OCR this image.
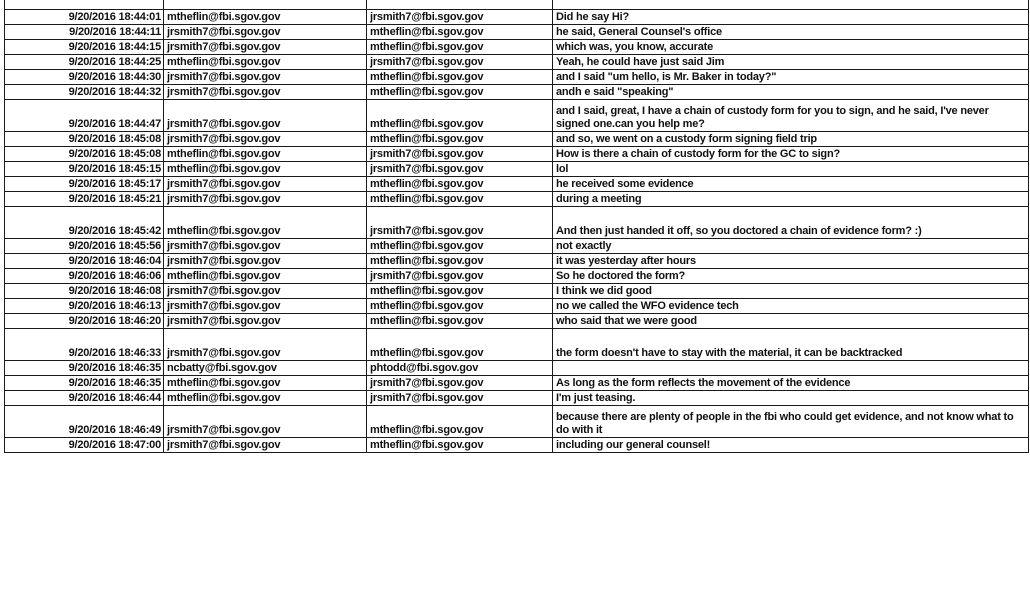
9/20/2016 18:44:01	mtheflin@fbi.sgov.gov	jrsmith7@fbi.sgov.gov	Did he say Hi?
9/20/2016 18:44:11	jrsmith7@fbi.sgov.gov	mtheflin@fbi.sgov.gov	he said, General Counsel's office
9/20/2016 18:44:15	jrsmith7@fbi.sgov.gov	mtheflin@fbi.sgov.gov	which was, you know, accurate
9/20/2016 18:44:25	mtheflin@fbi.sgov.gov	jrsmith7@fbi.sgov.gov	Yeah, he could have just said Jim
9/20/2016 18:44:30	jrsmith7@fbi.sgov.gov	mtheflin@fbi.sgov.gov	and I said "um hello, is Mr. Baker in today?"
9/20/2016 18:44:32	jrsmith7@fbi.sgov.gov	mtheflin@fbi.sgov.gov	andh e said "speaking"
9/20/2016 18:44:47	jrsmith7@fbi.sgov.gov	mtheflin@fbi.sgov.gov	and I said, great, I have a chain of custody form for you to sign, and he said, I've never signed one.can you help me?
9/20/2016 18:45:08	jrsmith7@fbi.sgov.gov	mtheflin@fbi.sgov.gov	and so, we went on a custody form signing field trip
9/20/2016 18:45:08	mtheflin@fbi.sgov.gov	jrsmith7@fbi.sgov.gov	How is there a chain of custody form for the GC to sign?
9/20/2016 18:45:15	mtheflin@fbi.sgov.gov	jrsmith7@fbi.sgov.gov	lol
9/20/2016 18:45:17	jrsmith7@fbi.sgov.gov	mtheflin@fbi.sgov.gov	he received some evidence
9/20/2016 18:45:21	jrsmith7@fbi.sgov.gov	mtheflin@fbi.sgov.gov	during a meeting
9/20/2016 18:45:42	mtheflin@fbi.sgov.gov	jrsmith7@fbi.sgov.gov	And then just handed it off, so you doctored a chain of evidence form? :)
9/20/2016 18:45:56	jrsmith7@fbi.sgov.gov	mtheflin@fbi.sgov.gov	not exactly
9/20/2016 18:46:04	jrsmith7@fbi.sgov.gov	mtheflin@fbi.sgov.gov	it was yesterday after hours
9/20/2016 18:46:06	mtheflin@fbi.sgov.gov	jrsmith7@fbi.sgov.gov	So he doctored the form?
9/20/2016 18:46:08	jrsmith7@fbi.sgov.gov	mtheflin@fbi.sgov.gov	I think we did good
9/20/2016 18:46:13	jrsmith7@fbi.sgov.gov	mtheflin@fbi.sgov.gov	no we called the WFO evidence tech
9/20/2016 18:46:20	jrsmith7@fbi.sgov.gov	mtheflin@fbi.sgov.gov	who said that we were good
9/20/2016 18:46:33	jrsmith7@fbi.sgov.gov	mtheflin@fbi.sgov.gov	the form doesn't have to stay with the material, it can be backtracked
9/20/2016 18:46:35	ncbatty@fbi.sgov.gov	phtodd@fbi.sgov.gov	
9/20/2016 18:46:35	mtheflin@fbi.sgov.gov	jrsmith7@fbi.sgov.gov	As long as the form reflects the movement of the evidence
9/20/2016 18:46:44	mtheflin@fbi.sgov.gov	jrsmith7@fbi.sgov.gov	I'm just teasing.
9/20/2016 18:46:49	jrsmith7@fbi.sgov.gov	mtheflin@fbi.sgov.gov	because there are plenty of people in the fbi who could get evidence, and not know what to do with it
9/20/2016 18:47:00	jrsmith7@fbi.sgov.gov	mtheflin@fbi.sgov.gov	including our general counsel!
